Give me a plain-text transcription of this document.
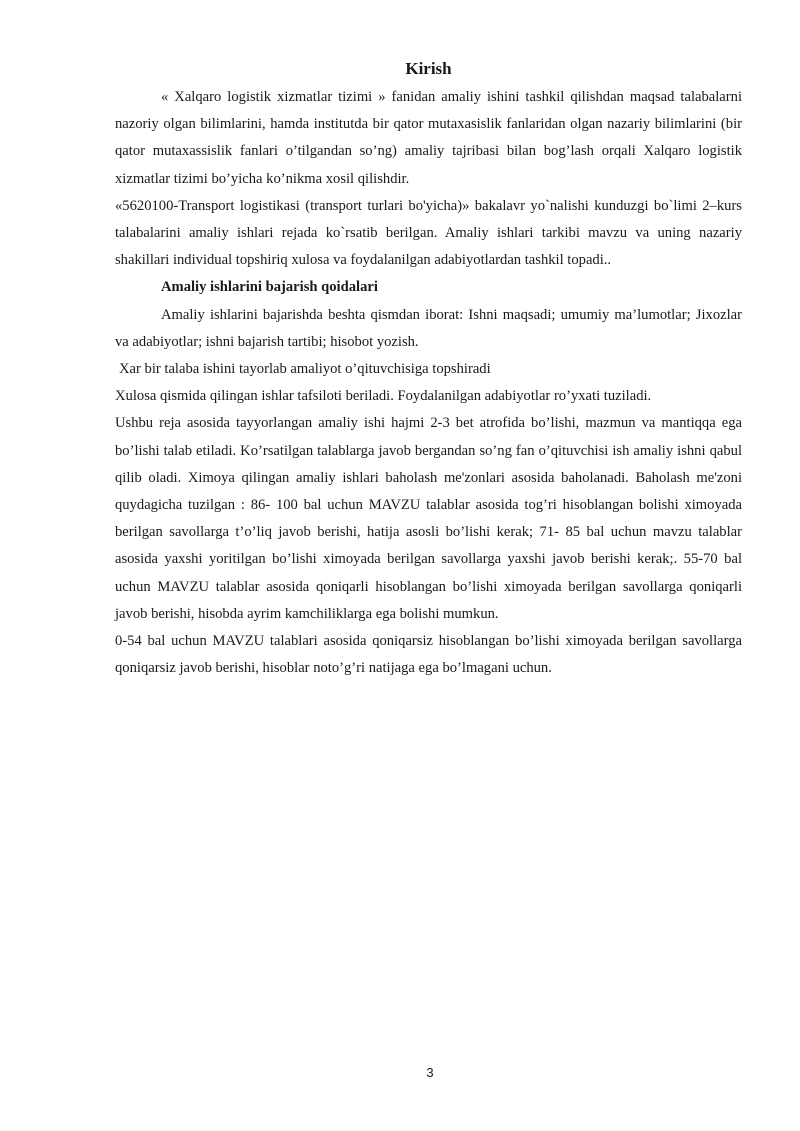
Kirish

« Xalqaro logistik xizmatlar tizimi » fanidan amaliy ishini tashkil qilishdan maqsad talabalarni nazoriy olgan bilimlarini, hamda institutda bir qator mutaxasislik fanlaridan olgan nazariy bilimlarini (bir qator mutaxassislik fanlari o’tilgandan so’ng) amaliy tajribasi bilan bog’lash orqali Xalqaro logistik xizmatlar tizimi bo’yicha ko’nikma xosil qilishdir.

«5620100-Transport logistikasi (transport turlari bo'yicha)» bakalavr yo`nalishi kunduzgi bo`limi 2–kurs talabalarini amaliy ishlari rejada ko`rsatib berilgan. Amaliy ishlari tarkibi mavzu va uning nazariy shakillari individual topshiriq xulosa va foydalanilgan adabiyotlardan tashkil topadi..

Amaliy ishlarini bajarish qoidalari

Amaliy ishlarini bajarishda beshta qismdan iborat: Ishni maqsadi; umumiy ma’lumotlar; Jixozlar va adabiyotlar; ishni bajarish tartibi; hisobot yozish.

Xar bir talaba ishini tayorlab amaliyot o’qituvchisiga topshiradi

Xulosa qismida qilingan ishlar tafsiloti beriladi. Foydalanilgan adabiyotlar ro’yxati tuziladi.

Ushbu reja asosida tayyorlangan amaliy ishi hajmi 2-3 bet atrofida bo’lishi, mazmun va mantiqqa ega bo’lishi talab etiladi. Ko’rsatilgan talablarga javob bergandan so’ng fan o’qituvchisi ish amaliy ishni qabul qilib oladi. Ximoya qilingan amaliy ishlari baholash me'zonlari asosida baholanadi. Baholash me'zoni quydagicha tuzilgan : 86- 100 bal uchun MAVZU talablar asosida tog’ri hisoblangan bolishi ximoyada berilgan savollarga t’o’liq javob berishi, hatija asosli bo’lishi kerak; 71- 85 bal uchun mavzu talablar asosida yaxshi yoritilgan bo’lishi ximoyada berilgan savollarga yaxshi javob berishi kerak;. 55-70 bal uchun MAVZU talablar asosida qoniqarli hisoblangan bo’lishi ximoyada berilgan savollarga qoniqarli javob berishi, hisobda ayrim kamchiliklarga ega bolishi mumkun.

0-54 bal uchun MAVZU talablari asosida qoniqarsiz hisoblangan bo’lishi ximoyada berilgan savollarga qoniqarsiz javob berishi, hisoblar noto’g’ri natijaga ega bo’lmagani uchun.

3
